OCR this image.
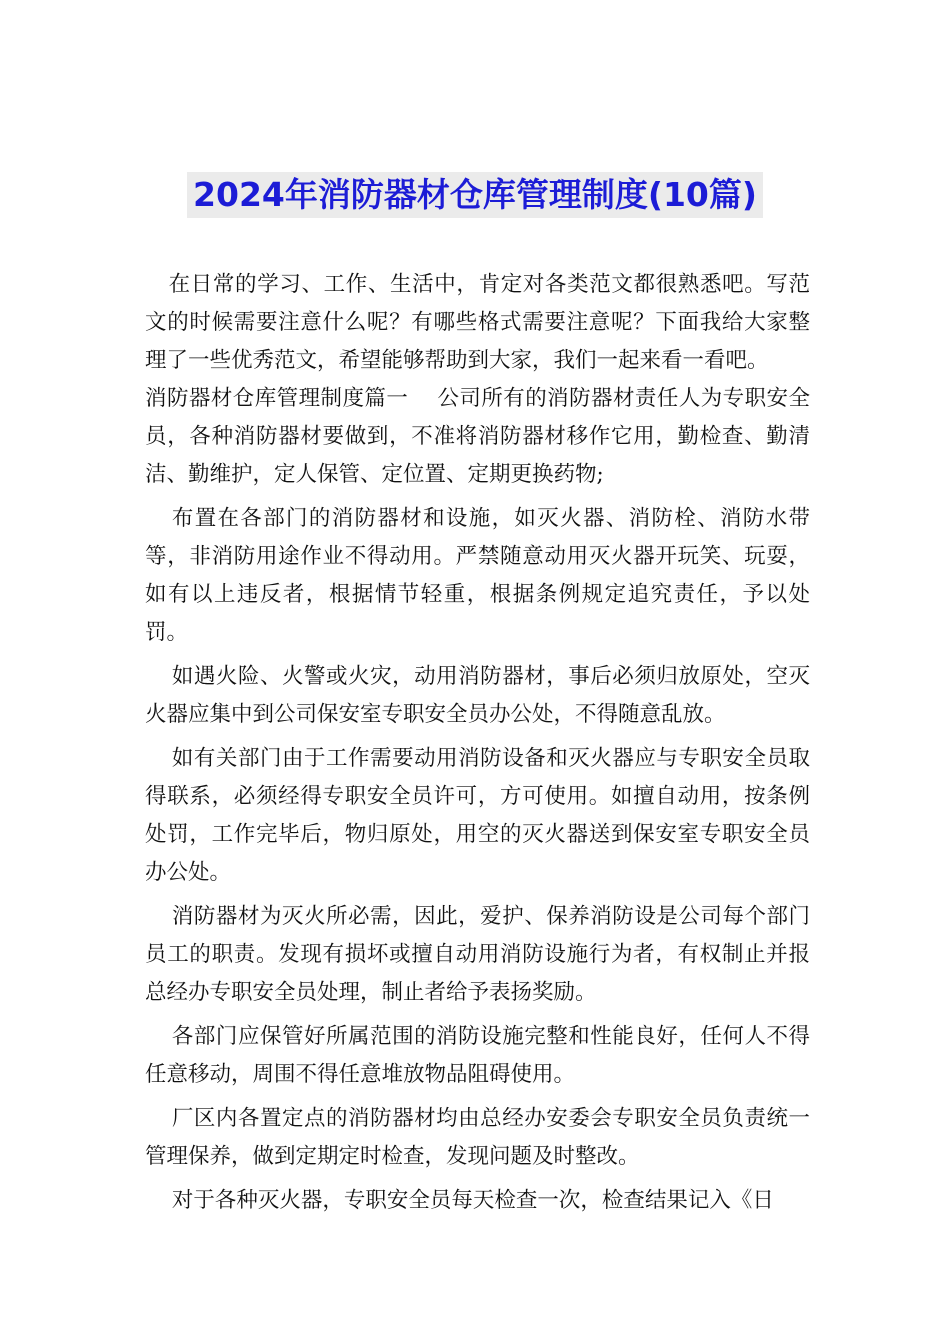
2024年消防器材仓库管理制度(10篇)

在日常的学习、工作、生活中，肯定对各类范文都很熟悉吧。写范文的时候需要注意什么呢？有哪些格式需要注意呢？下面我给大家整理了一些优秀范文，希望能够帮助到大家，我们一起来看一看吧。

消防器材仓库管理制度篇一　 公司所有的消防器材责任人为专职安全员，各种消防器材要做到，不准将消防器材移作它用，勤检查、勤清洁、勤维护，定人保管、定位置、定期更换药物;

布置在各部门的消防器材和设施，如灭火器、消防栓、消防水带等，非消防用途作业不得动用。严禁随意动用灭火器开玩笑、玩耍，如有以上违反者，根据情节轻重，根据条例规定追究责任，予以处罚。

如遇火险、火警或火灾，动用消防器材，事后必须归放原处，空灭火器应集中到公司保安室专职安全员办公处，不得随意乱放。

如有关部门由于工作需要动用消防设备和灭火器应与专职安全员取得联系，必须经得专职安全员许可，方可使用。如擅自动用，按条例处罚，工作完毕后，物归原处，用空的灭火器送到保安室专职安全员办公处。

消防器材为灭火所必需，因此，爱护、保养消防设是公司每个部门员工的职责。发现有损坏或擅自动用消防设施行为者，有权制止并报总经办专职安全员处理，制止者给予表扬奖励。

各部门应保管好所属范围的消防设施完整和性能良好，任何人不得任意移动，周围不得任意堆放物品阻碍使用。

厂区内各置定点的消防器材均由总经办安委会专职安全员负责统一管理保养，做到定期定时检查，发现问题及时整改。

对于各种灭火器，专职安全员每天检查一次，检查结果记入《日
